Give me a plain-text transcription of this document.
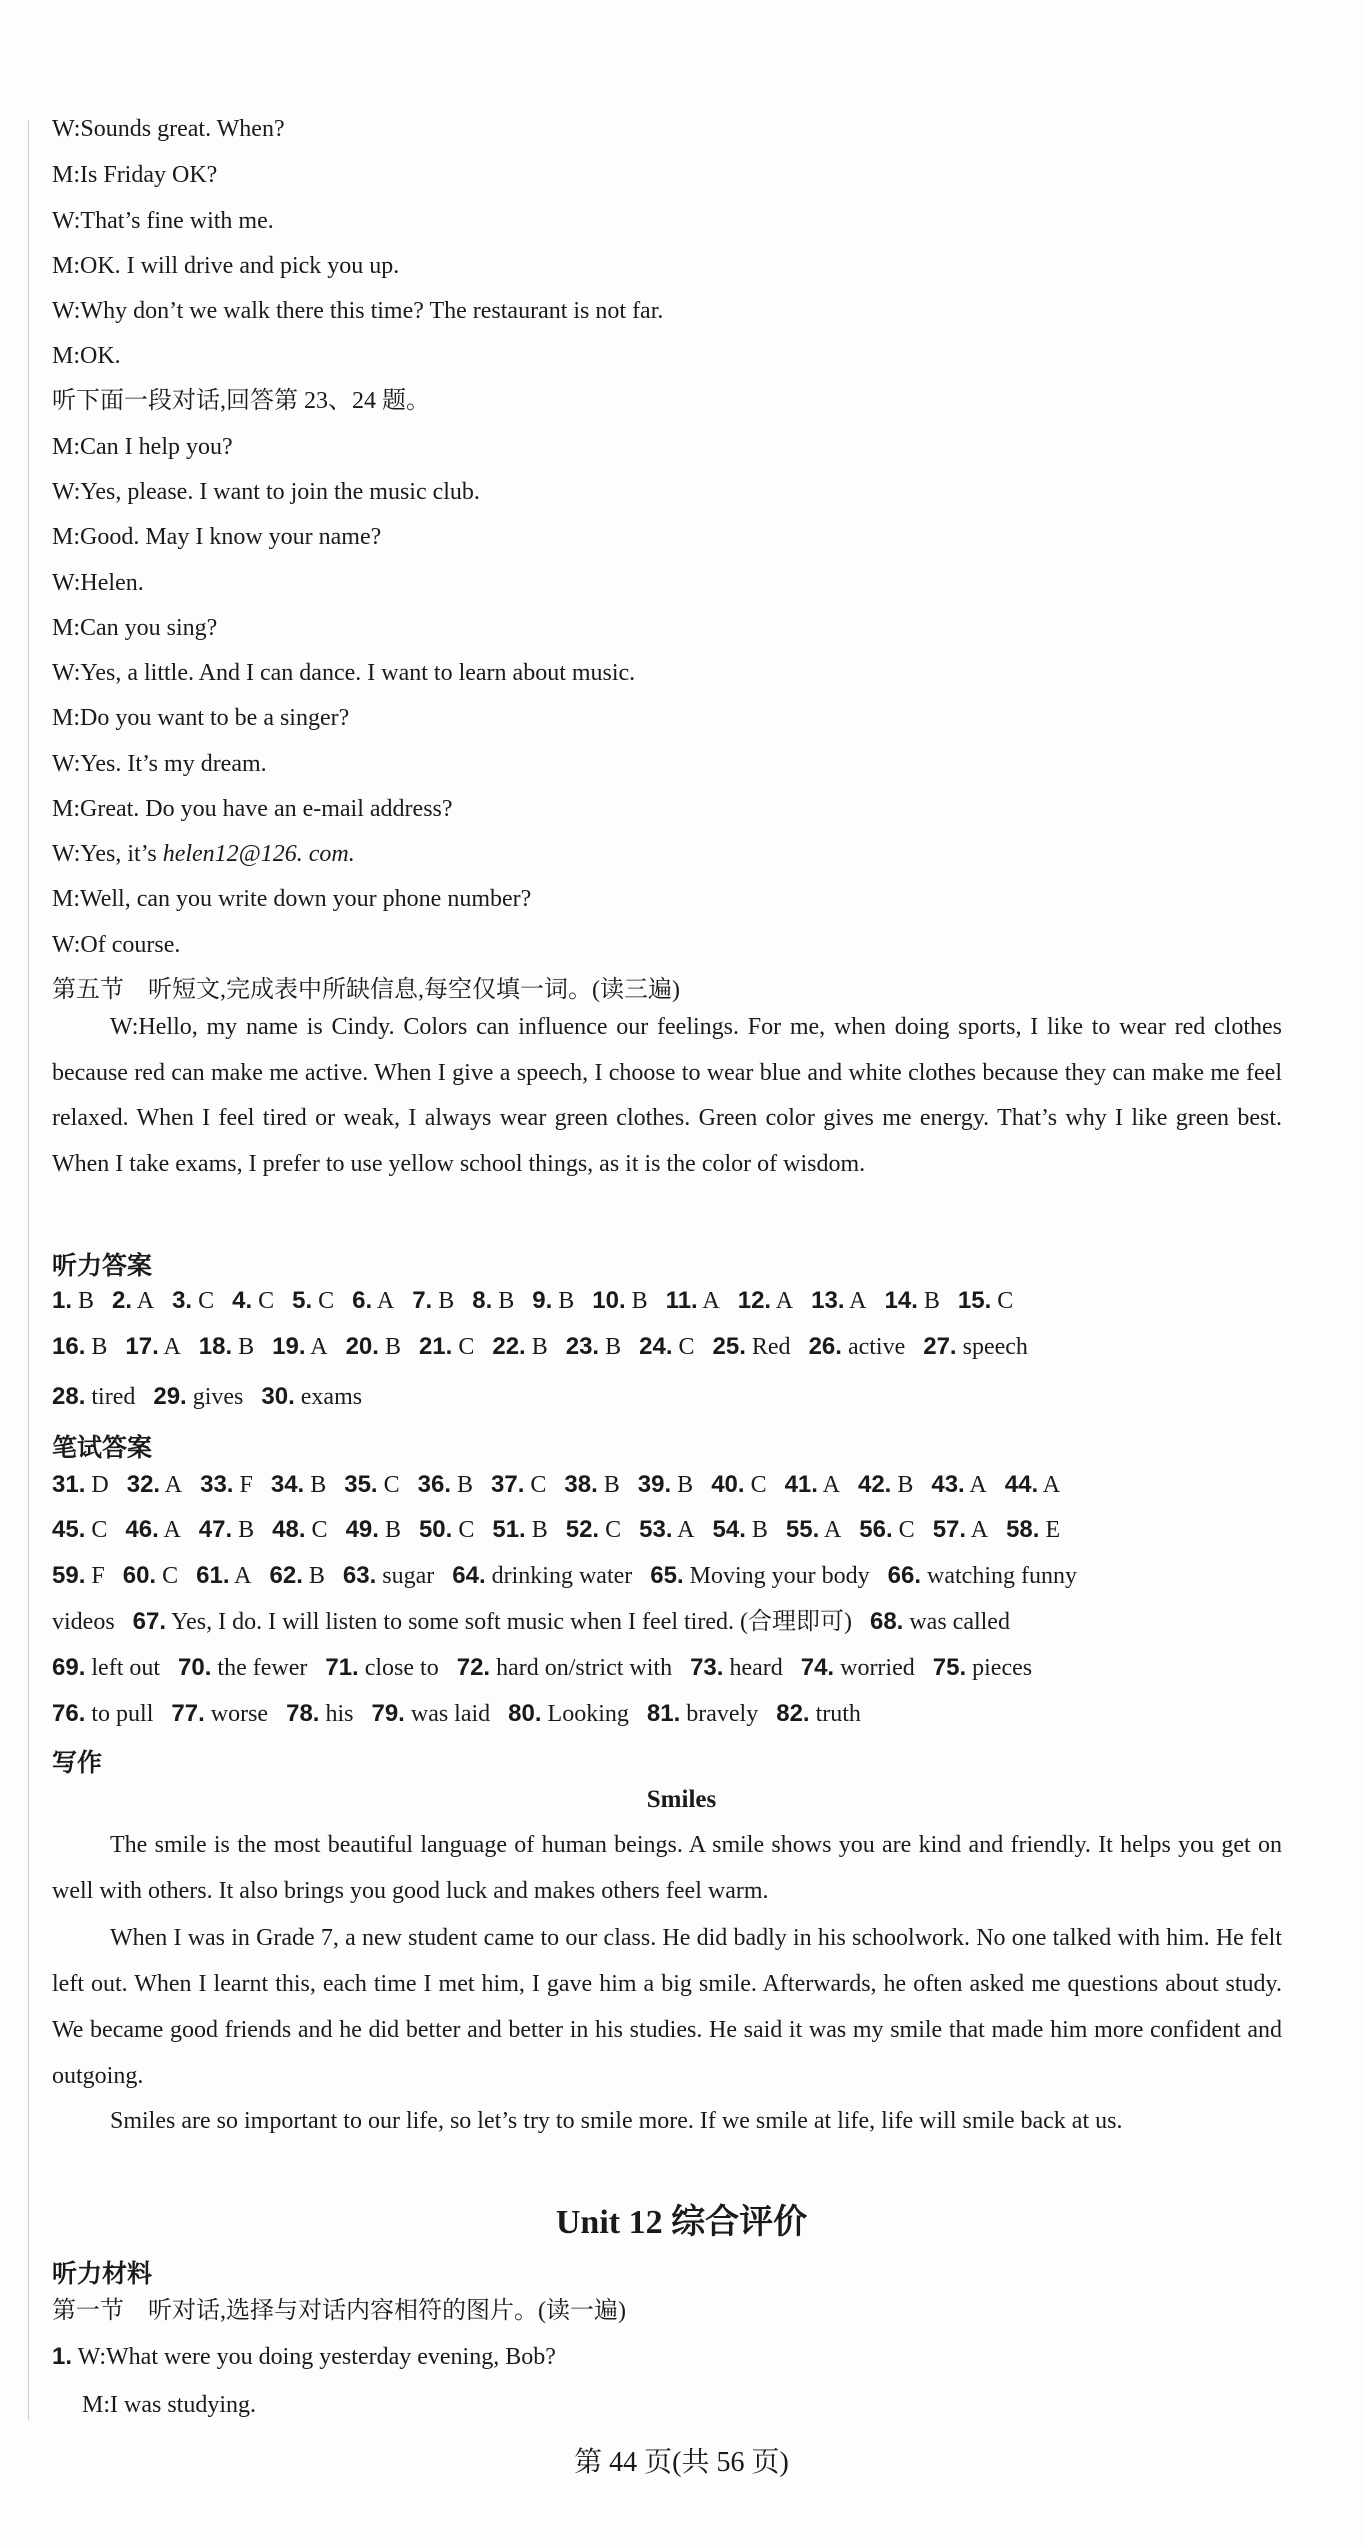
W:Sounds great. When?
M:Is Friday OK?
W:That’s fine with me.
M:OK. I will drive and pick you up.
W:Why don’t we walk there this time? The restaurant is not far.
M:OK.
听下面一段对话,回答第 23、24 题。
M:Can I help you?
W:Yes, please. I want to join the music club.
M:Good. May I know your name?
W:Helen.
M:Can you sing?
W:Yes, a little. And I can dance. I want to learn about music.
M:Do you want to be a singer?
W:Yes. It’s my dream.
M:Great. Do you have an e-mail address?
W:Yes, it’s helen12@126. com.
M:Well, can you write down your phone number?
W:Of course.
第五节　听短文,完成表中所缺信息,每空仅填一词。(读三遍)
W:Hello, my name is Cindy. Colors can influence our feelings. For me, when doing sports, I like to wear red clothes because red can make me active. When I give a speech, I choose to wear blue and white clothes because they can make me feel relaxed. When I feel tired or weak, I always wear green clothes. Green color gives me energy. That’s why I like green best. When I take exams, I prefer to use yellow school things, as it is the color of wisdom.
听力答案
1. B 2. A 3. C 4. C 5. C 6. A 7. B 8. B 9. B 10. B 11. A 12. A 13. A 14. B 15. C
16. B 17. A 18. B 19. A 20. B 21. C 22. B 23. B 24. C 25. Red 26. active 27. speech
28. tired 29. gives 30. exams
笔试答案
31. D 32. A 33. F 34. B 35. C 36. B 37. C 38. B 39. B 40. C 41. A 42. B 43. A 44. A
45. C 46. A 47. B 48. C 49. B 50. C 51. B 52. C 53. A 54. B 55. A 56. C 57. A 58. E
59. F 60. C 61. A 62. B 63. sugar 64. drinking water 65. Moving your body 66. watching funny
videos 67. Yes, I do. I will listen to some soft music when I feel tired. (合理即可) 68. was called
69. left out 70. the fewer 71. close to 72. hard on/strict with 73. heard 74. worried 75. pieces
76. to pull 77. worse 78. his 79. was laid 80. Looking 81. bravely 82. truth
写作
Smiles
The smile is the most beautiful language of human beings. A smile shows you are kind and friendly. It helps you get on well with others. It also brings you good luck and makes others feel warm.
When I was in Grade 7, a new student came to our class. He did badly in his schoolwork. No one talked with him. He felt left out. When I learnt this, each time I met him, I gave him a big smile. Afterwards, he often asked me questions about study. We became good friends and he did better and better in his studies. He said it was my smile that made him more confident and outgoing.
Smiles are so important to our life, so let’s try to smile more. If we smile at life, life will smile back at us.
Unit 12 综合评价
听力材料
第一节　听对话,选择与对话内容相符的图片。(读一遍)
1. W:What were you doing yesterday evening, Bob?
M:I was studying.
第 44 页(共 56 页)
